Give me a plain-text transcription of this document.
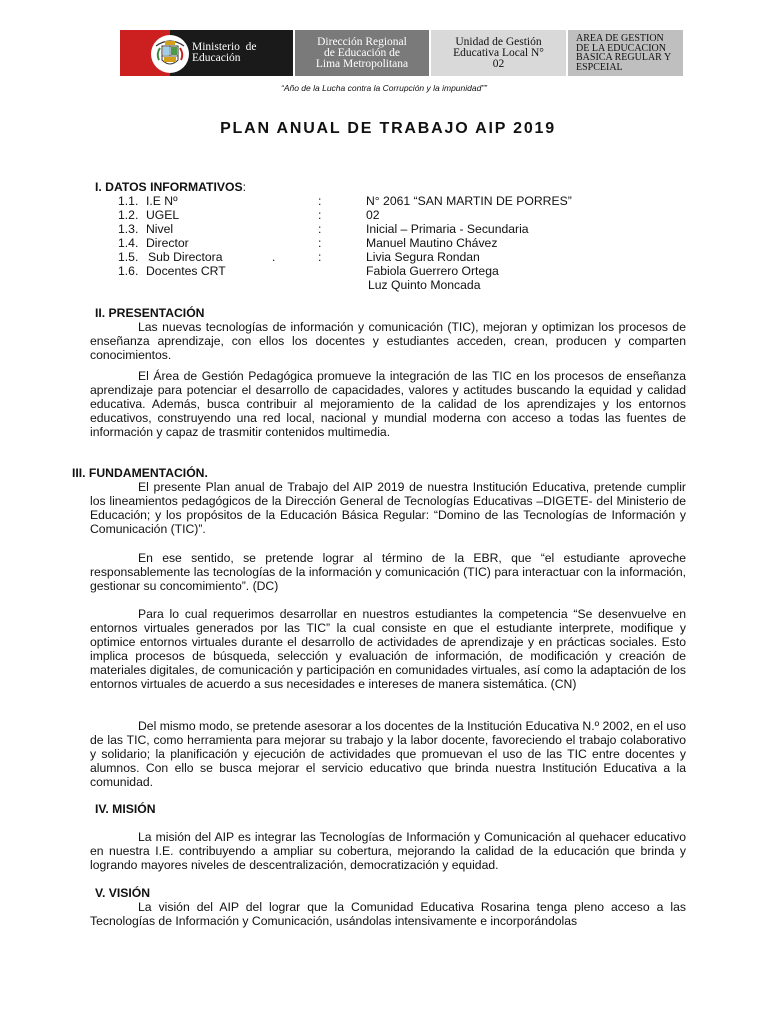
Ministerio de
Educación
Dirección Regional
de Educación de
Lima Metropolitana
Unidad de Gestión
Educativa Local N°
02
AREA DE GESTION
DE LA EDUCACION
BASICA REGULAR Y
ESPCEIAL
“Año de la Lucha contra la Corrupción y la impunidad””
PLAN ANUAL DE TRABAJO AIP 2019
I. DATOS INFORMATIVOS:
1.1. I.E Nº	:	N° 2061 “SAN MARTIN DE PORRES”
1.2. UGEL	:	02
1.3. Nivel	:	Inicial – Primaria - Secundaria
1.4. Director	:	Manuel Mautino Chávez
1.5. Sub Directora	.	:	Livia Segura Rondan
1.6. Docentes CRT	Fabiola Guerrero Ortega
Luz Quinto Moncada
II. PRESENTACIÓN
Las nuevas tecnologías de información y comunicación (TIC), mejoran y optimizan los procesos de enseñanza aprendizaje, con ellos los docentes y estudiantes acceden, crean, producen y comparten conocimientos.
El Área de Gestión Pedagógica promueve la integración de las TIC en los procesos de enseñanza aprendizaje para potenciar el desarrollo de capacidades, valores y actitudes buscando la equidad y calidad educativa. Además, busca contribuir al mejoramiento de la calidad de los aprendizajes y los entornos educativos, construyendo una red local, nacional y mundial moderna con acceso a todas las fuentes de información y capaz de trasmitir contenidos multimedia.
III. FUNDAMENTACIÓN.
El presente Plan anual de Trabajo del AIP 2019 de nuestra Institución Educativa, pretende cumplir los lineamientos pedagógicos de la Dirección General de Tecnologías Educativas –DIGETE- del Ministerio de Educación; y los propósitos de la Educación Básica Regular: “Domino de las Tecnologías de Información y Comunicación (TIC)”.
En ese sentido, se pretende lograr al término de la EBR, que “el estudiante aproveche responsablemente las tecnologías de la información y comunicación (TIC) para interactuar con la información, gestionar su concomimiento”. (DC)
Para lo cual requerimos desarrollar en nuestros estudiantes la competencia “Se desenvuelve en entornos virtuales generados por las TIC” la cual consiste en que el estudiante interprete, modifique y optimice entornos virtuales durante el desarrollo de actividades de aprendizaje y en prácticas sociales. Esto implica procesos de búsqueda, selección y evaluación de información, de modificación y creación de materiales digitales, de comunicación y participación en comunidades virtuales, así como la adaptación de los entornos virtuales de acuerdo a sus necesidades e intereses de manera sistemática. (CN)
Del mismo modo, se pretende asesorar a los docentes de la Institución Educativa N.º 2002, en el uso de las TIC, como herramienta para mejorar su trabajo y la labor docente, favoreciendo el trabajo colaborativo y solidario; la planificación y ejecución de actividades que promuevan el uso de las TIC entre docentes y alumnos. Con ello se busca mejorar el servicio educativo que brinda nuestra Institución Educativa a la comunidad.
IV. MISIÓN
La misión del AIP es integrar las Tecnologías de Información y Comunicación al quehacer educativo en nuestra I.E. contribuyendo a ampliar su cobertura, mejorando la calidad de la educación que brinda y logrando mayores niveles de descentralización, democratización y equidad.
V. VISIÓN
La visión del AIP del lograr que la Comunidad Educativa Rosarina tenga pleno acceso a las Tecnologías de Información y Comunicación, usándolas intensivamente e incorporándolas
